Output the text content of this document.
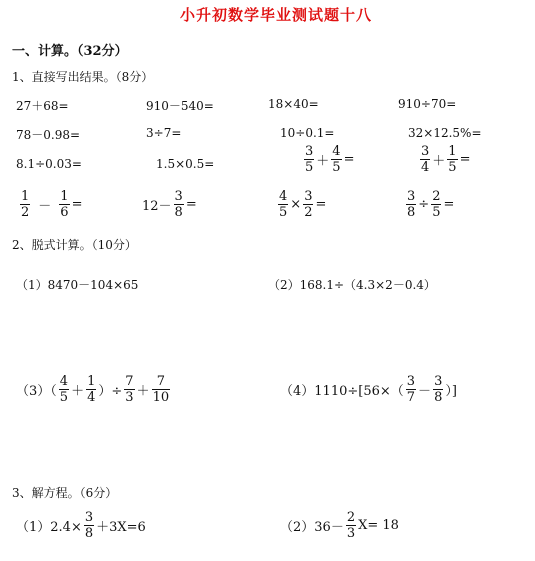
小升初数学毕业测试题十八
一、计算。（32分）
1、直接写出结果。（8分）
27＋68=	910－540=	18×40=	910÷70=
78－0.98=	3÷7=	10÷0.1=	32×12.5%=
8.1÷0.03=	1.5×0.5=	$\frac{3}{5} + \frac{4}{5}$ =	$\frac{3}{4} + \frac{1}{5}$ =
$\frac{1}{2} - \frac{1}{6}$ =	$12- \frac{3}{8}$ =	$\frac{4}{5} \times \frac{3}{2}$ =	$\frac{3}{8} \div \frac{2}{5}$ =
2、脱式计算。（10分）
（1）8470－104×65	（2）168.1÷（4.3×2－0.4）
$(3)( \frac{4}{5} + \frac{1}{4}$ ）÷ $\frac{7}{3} + \frac{7}{10}$	$(4)1110\div[56\times( \frac{3}{7} - \frac{3}{8}$ ）]
3、解方程。（6分）
$(1)2.4\times \frac{3}{8} +3X=6$	$(2)36- \frac{2}{3} X= 18$
